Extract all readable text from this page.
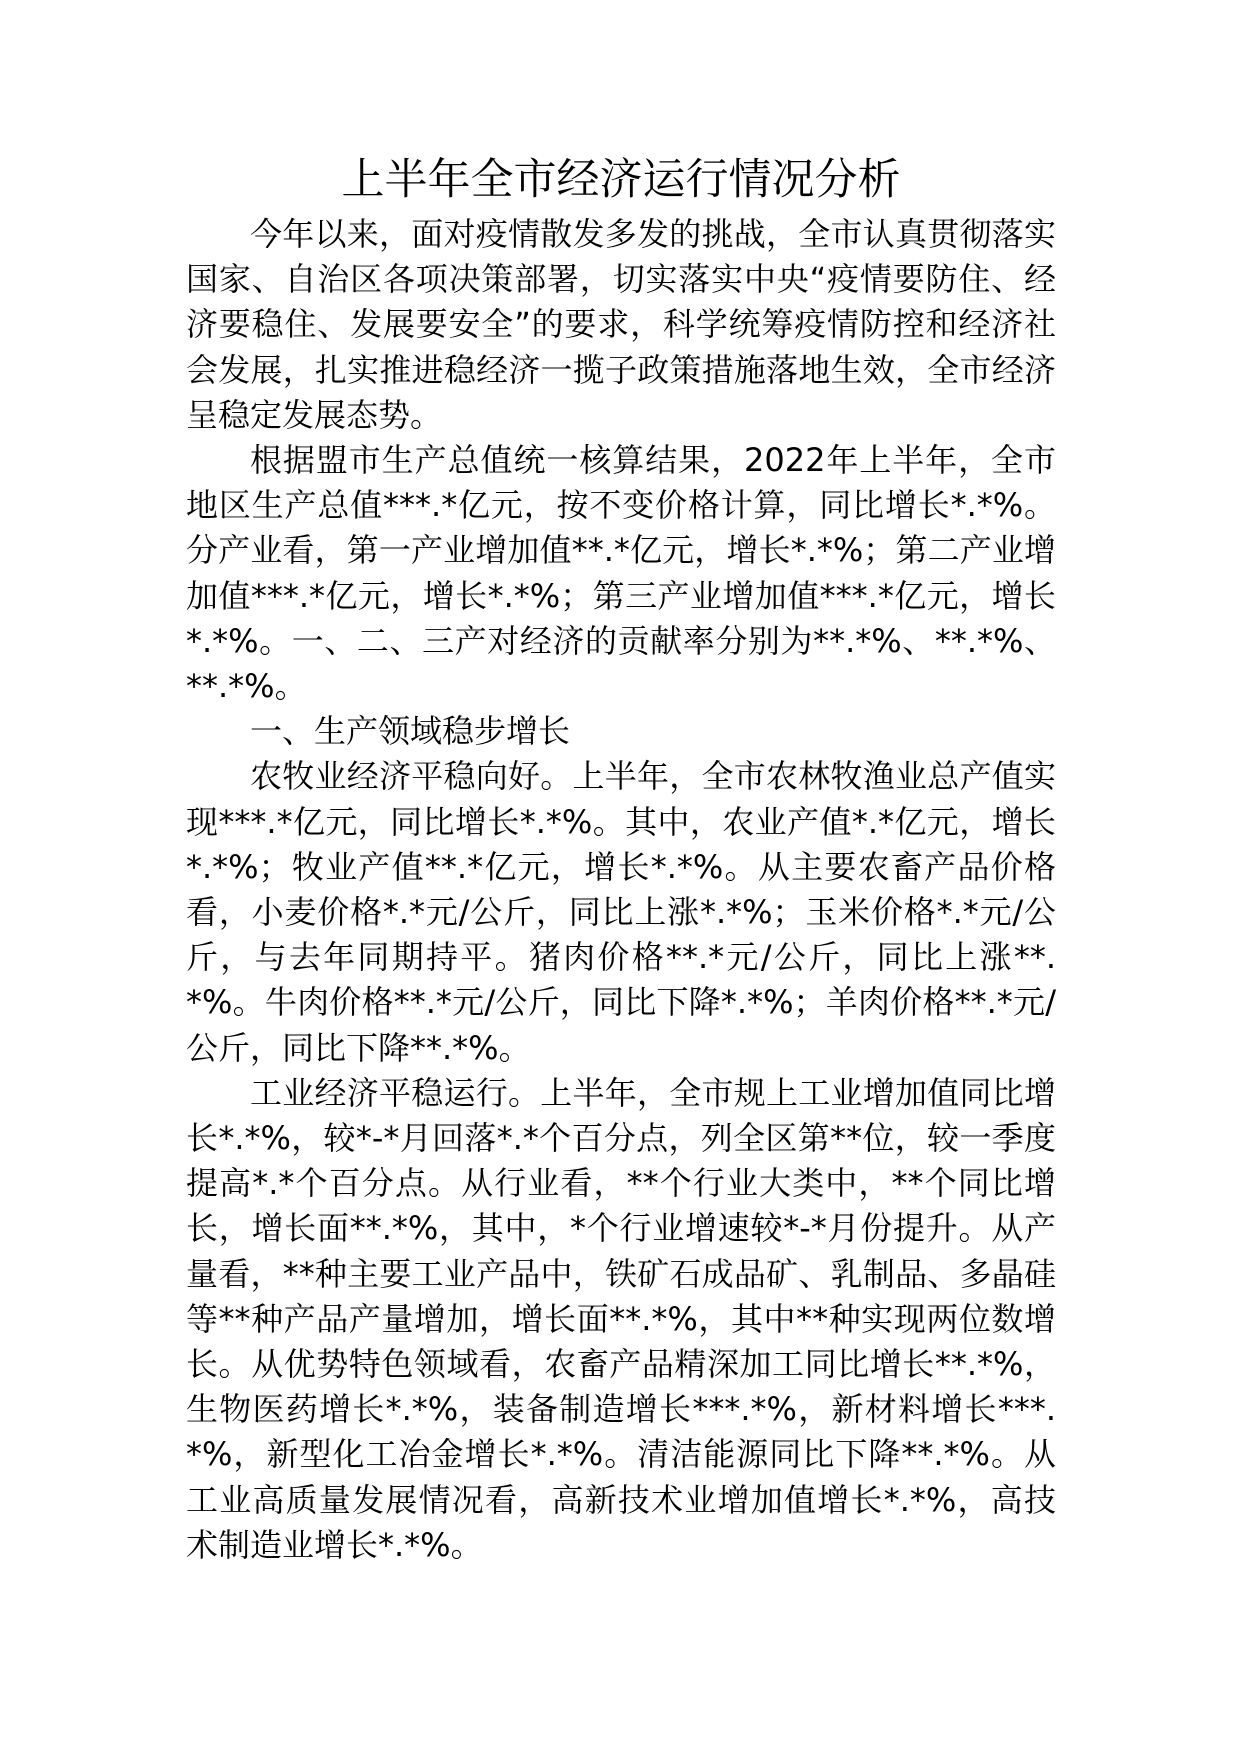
上半年全市经济运行情况分析

今年以来，面对疫情散发多发的挑战，全市认真贯彻落实国家、自治区各项决策部署，切实落实中央“疫情要防住、经济要稳住、发展要安全”的要求，科学统筹疫情防控和经济社会发展，扎实推进稳经济一揽子政策措施落地生效，全市经济呈稳定发展态势。

根据盟市生产总值统一核算结果，2022年上半年，全市地区生产总值***.*亿元，按不变价格计算，同比增长*.*%。分产业看，第一产业增加值**.*亿元，增长*.*%；第二产业增加值***.*亿元，增长*.*%；第三产业增加值***.*亿元，增长*.*%。一、二、三产对经济的贡献率分别为**.*%、**.*%、**.*%。

一、生产领域稳步增长

农牧业经济平稳向好。上半年，全市农林牧渔业总产值实现***.*亿元，同比增长*.*%。其中，农业产值*.*亿元，增长*.*%；牧业产值**.*亿元，增长*.*%。从主要农畜产品价格看，小麦价格*.*元/公斤，同比上涨*.*%；玉米价格*.*元/公斤，与去年同期持平。猪肉价格**.*元/公斤，同比上涨**.*%。牛肉价格**.*元/公斤，同比下降*.*%；羊肉价格**.*元/公斤，同比下降**.*%。

工业经济平稳运行。上半年，全市规上工业增加值同比增长*.*%，较*-*月回落*.*个百分点，列全区第**位，较一季度提高*.*个百分点。从行业看，**个行业大类中，**个同比增长，增长面**.*%，其中，*个行业增速较*-*月份提升。从产量看，**种主要工业产品中，铁矿石成品矿、乳制品、多晶硅等**种产品产量增加，增长面**.*%，其中**种实现两位数增长。从优势特色领域看，农畜产品精深加工同比增长**.*%，生物医药增长*.*%，装备制造增长***.*%，新材料增长***.*%，新型化工冶金增长*.*%。清洁能源同比下降**.*%。从工业高质量发展情况看，高新技术业增加值增长*.*%，高技术制造业增长*.*%。
